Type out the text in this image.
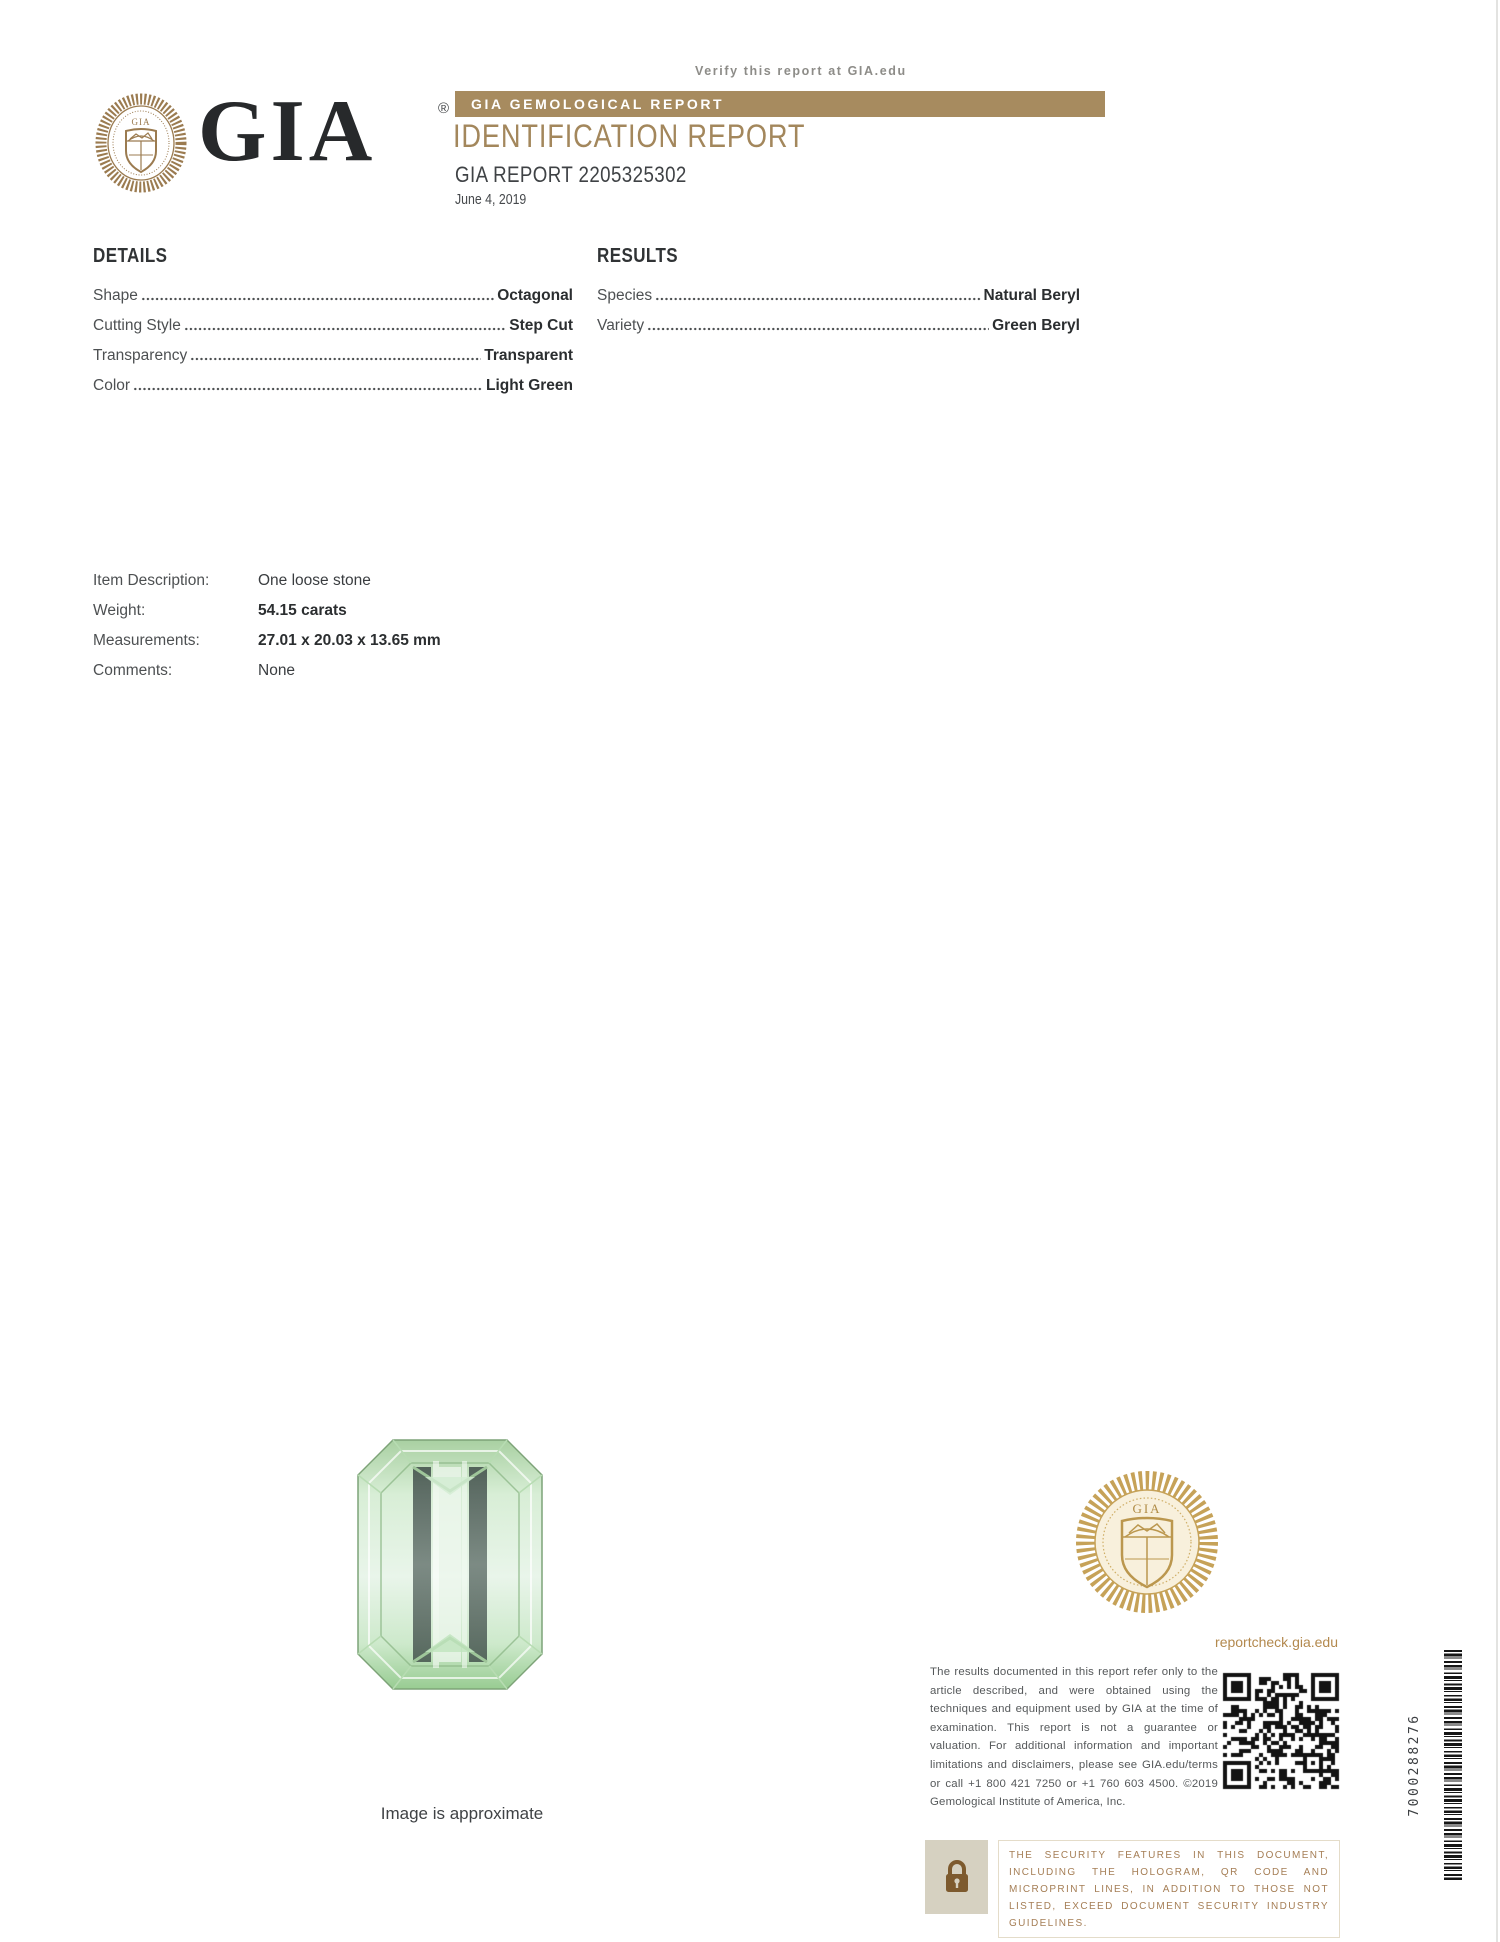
GIA GIA	®
Verify this report at GIA.edu
GIA GEMOLOGICAL REPORT
IDENTIFICATION REPORT
GIA REPORT 2205325302
June 4, 2019
DETAILS
Shape	Octagonal
Cutting Style	Step Cut
Transparency	Transparent
Color	Light Green
RESULTS
Species	Natural Beryl
Variety	Green Beryl
Item Description:	One loose stone
Weight:	54.15 carats
Measurements:	27.01 x 20.03 x 13.65 mm
Comments:	None
Image is approximate
GIA
reportcheck.gia.edu
The results documented in this report refer only to the article described, and were obtained using the techniques and equipment used by GIA at the time of examination. This report is not a guarantee or valuation. For additional information and important limitations and disclaimers, please see GIA.edu/terms or call +1 800 421 7250 or +1 760 603 4500. ©2019 Gemological Institute of America, Inc.
THE SECURITY FEATURES IN THIS DOCUMENT, INCLUDING THE HOLOGRAM, QR CODE AND MICROPRINT LINES, IN ADDITION TO THOSE NOT LISTED, EXCEED DOCUMENT SECURITY INDUSTRY GUIDELINES.
7000288276
